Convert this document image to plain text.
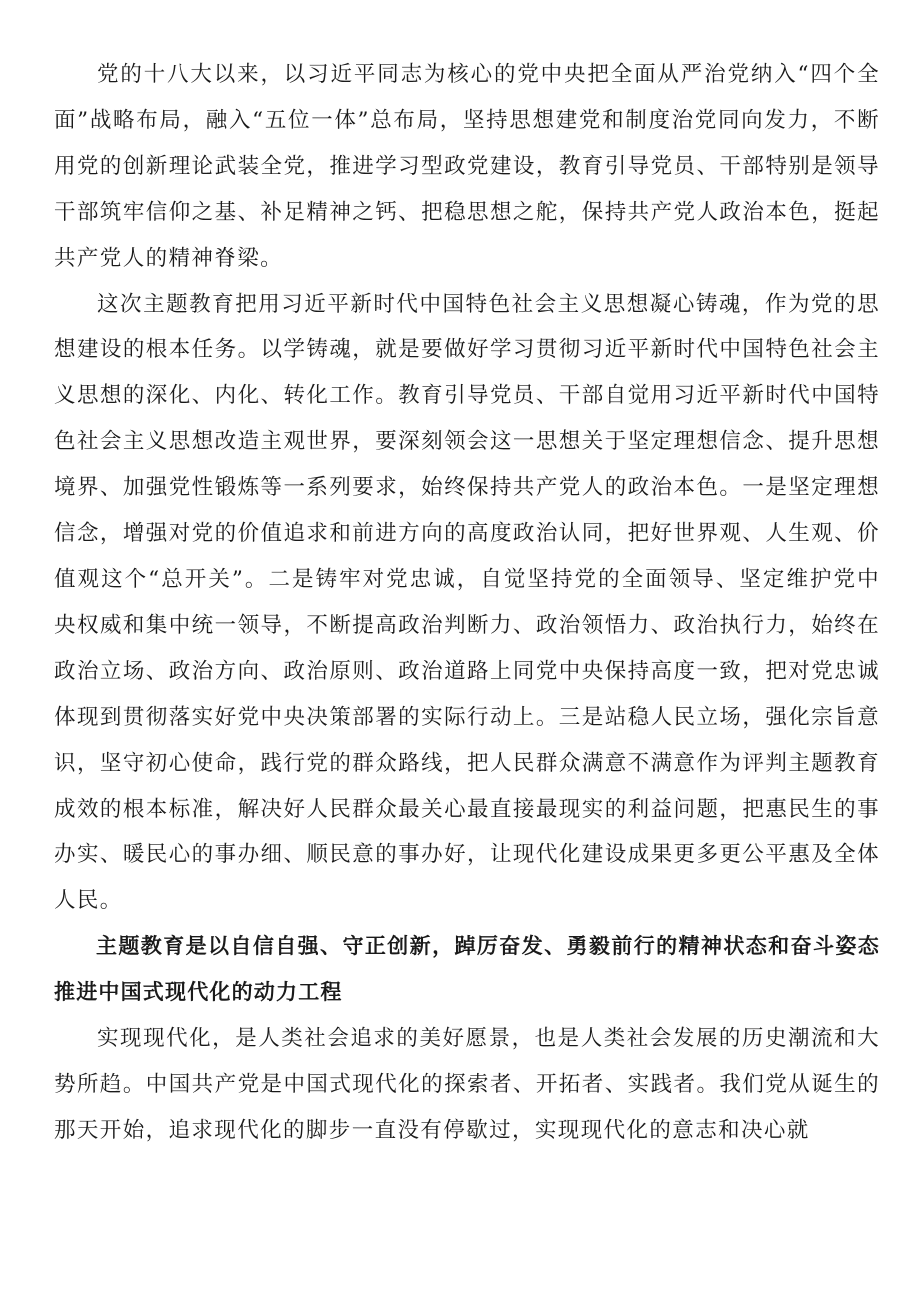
党的十八大以来，以习近平同志为核心的党中央把全面从严治党纳入“四个全面”战略布局，融入“五位一体”总布局，坚持思想建党和制度治党同向发力，不断用党的创新理论武装全党，推进学习型政党建设，教育引导党员、干部特别是领导干部筑牢信仰之基、补足精神之钙、把稳思想之舵，保持共产党人政治本色，挺起共产党人的精神脊梁。

这次主题教育把用习近平新时代中国特色社会主义思想凝心铸魂，作为党的思想建设的根本任务。以学铸魂，就是要做好学习贯彻习近平新时代中国特色社会主义思想的深化、内化、转化工作。教育引导党员、干部自觉用习近平新时代中国特色社会主义思想改造主观世界，要深刻领会这一思想关于坚定理想信念、提升思想境界、加强党性锻炼等一系列要求，始终保持共产党人的政治本色。一是坚定理想信念，增强对党的价值追求和前进方向的高度政治认同，把好世界观、人生观、价值观这个“总开关”。二是铸牢对党忠诚，自觉坚持党的全面领导、坚定维护党中央权威和集中统一领导，不断提高政治判断力、政治领悟力、政治执行力，始终在政治立场、政治方向、政治原则、政治道路上同党中央保持高度一致，把对党忠诚体现到贯彻落实好党中央决策部署的实际行动上。三是站稳人民立场，强化宗旨意识，坚守初心使命，践行党的群众路线，把人民群众满意不满意作为评判主题教育成效的根本标准，解决好人民群众最关心最直接最现实的利益问题，把惠民生的事办实、暖民心的事办细、顺民意的事办好，让现代化建设成果更多更公平惠及全体人民。

主题教育是以自信自强、守正创新，踔厉奋发、勇毅前行的精神状态和奋斗姿态推进中国式现代化的动力工程

实现现代化，是人类社会追求的美好愿景，也是人类社会发展的历史潮流和大势所趋。中国共产党是中国式现代化的探索者、开拓者、实践者。我们党从诞生的那天开始，追求现代化的脚步一直没有停歇过，实现现代化的意志和决心就
